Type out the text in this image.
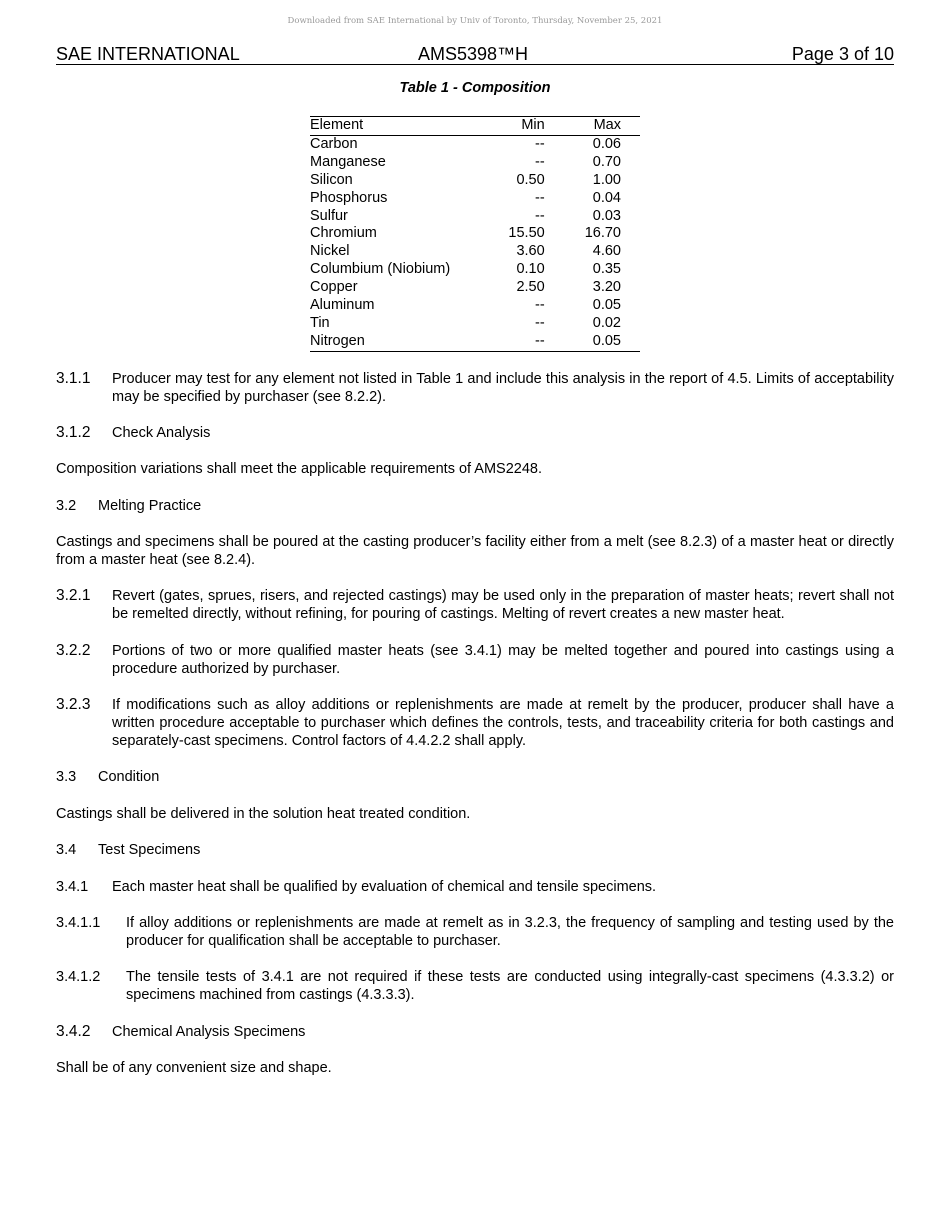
Downloaded from SAE International by Univ of Toronto, Thursday, November 25, 2021
SAE INTERNATIONAL	AMS5398™H	Page 3 of 10
Table 1 - Composition
Element	Min	Max
Carbon	--	0.06
Manganese	--	0.70
Silicon	0.50	1.00
Phosphorus	--	0.04
Sulfur	--	0.03
Chromium	15.50	16.70
Nickel	3.60	4.60
Columbium (Niobium)	0.10	0.35
Copper	2.50	3.20
Aluminum	--	0.05
Tin	--	0.02
Nitrogen	--	0.05
3.1.1 Producer may test for any element not listed in Table 1 and include this analysis in the report of 4.5. Limits of acceptability may be specified by purchaser (see 8.2.2).
3.1.2 Check Analysis
Composition variations shall meet the applicable requirements of AMS2248.
3.2 Melting Practice
Castings and specimens shall be poured at the casting producer’s facility either from a melt (see 8.2.3) of a master heat or directly from a master heat (see 8.2.4).
3.2.1 Revert (gates, sprues, risers, and rejected castings) may be used only in the preparation of master heats; revert shall not be remelted directly, without refining, for pouring of castings. Melting of revert creates a new master heat.
3.2.2 Portions of two or more qualified master heats (see 3.4.1) may be melted together and poured into castings using a procedure authorized by purchaser.
3.2.3 If modifications such as alloy additions or replenishments are made at remelt by the producer, producer shall have a written procedure acceptable to purchaser which defines the controls, tests, and traceability criteria for both castings and separately-cast specimens. Control factors of 4.4.2.2 shall apply.
3.3 Condition
Castings shall be delivered in the solution heat treated condition.
3.4 Test Specimens
3.4.1 Each master heat shall be qualified by evaluation of chemical and tensile specimens.
3.4.1.1 If alloy additions or replenishments are made at remelt as in 3.2.3, the frequency of sampling and testing used by the producer for qualification shall be acceptable to purchaser.
3.4.1.2 The tensile tests of 3.4.1 are not required if these tests are conducted using integrally-cast specimens (4.3.3.2) or specimens machined from castings (4.3.3.3).
3.4.2 Chemical Analysis Specimens
Shall be of any convenient size and shape.
